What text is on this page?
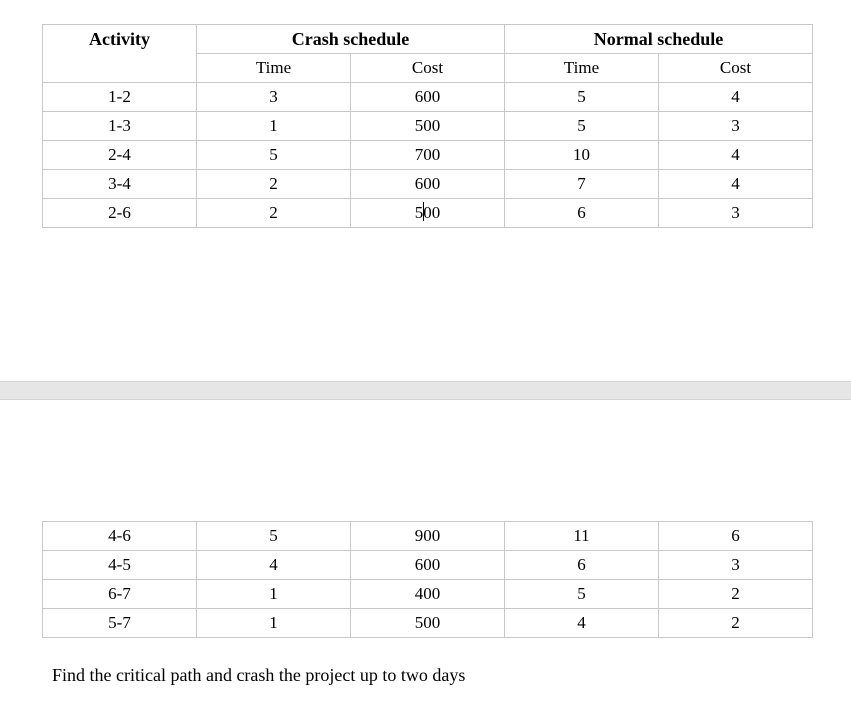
Activity	Crash schedule		Normal schedule	
	Time	Cost	Time	Cost
1-2	3	600	5	4
1-3	1	500	5	3
2-4	5	700	10	4
3-4	2	600	7	4
2-6	2	500	6	3
4-6	5	900	11	6
4-5	4	600	6	3
6-7	1	400	5	2
5-7	1	500	4	2
Find the critical path and crash the project up to two days
